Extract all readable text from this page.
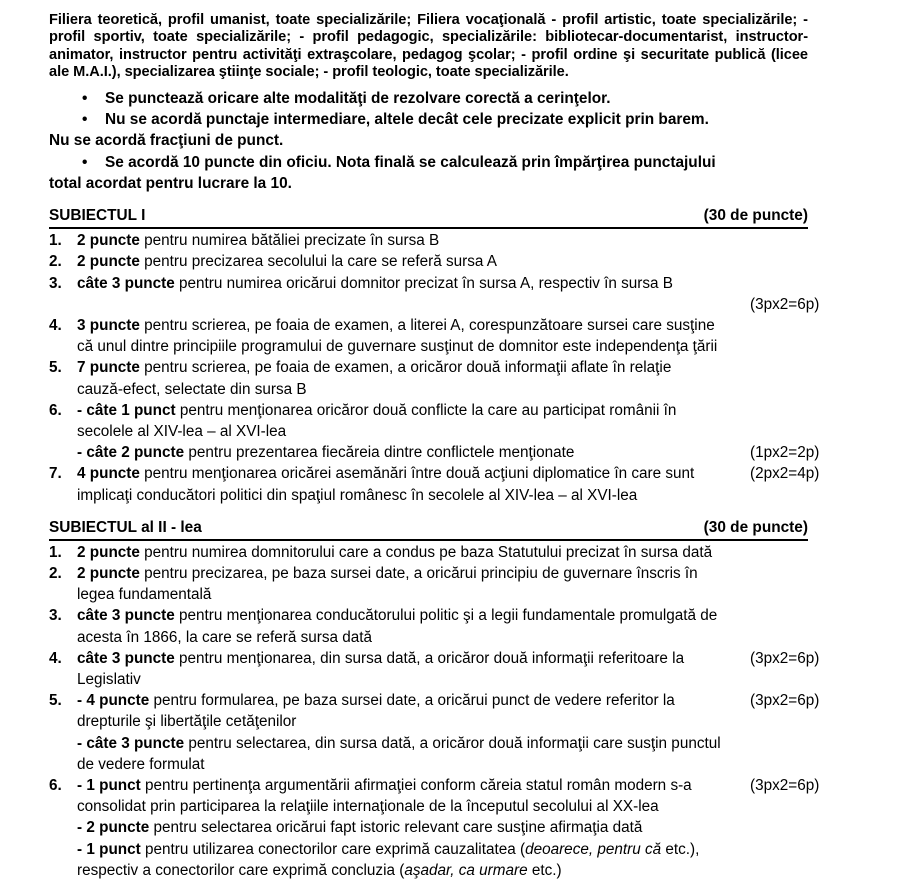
Filiera teoretică, profil umanist, toate specializările; Filiera vocaţională - profil artistic, toate specializările; - profil sportiv, toate specializările; - profil pedagogic, specializările: bibliotecar-documentarist, instructor-animator, instructor pentru activităţi extraşcolare, pedagog şcolar; - profil ordine şi securitate publică (licee ale M.A.I.), specializarea ştiinţe sociale; - profil teologic, toate specializările.

• Se punctează oricare alte modalităţi de rezolvare corectă a cerinţelor.
• Nu se acordă punctaje intermediare, altele decât cele precizate explicit prin barem.
Nu se acordă fracţiuni de punct.
• Se acordă 10 puncte din oficiu. Nota finală se calculează prin împărţirea punctajului
total acordat pentru lucrare la 10.
SUBIECTUL I	(30 de puncte)
1. 2 puncte pentru numirea bătăliei precizate în sursa B
2. 2 puncte pentru precizarea secolului la care se referă sursa A
3. câte 3 puncte pentru numirea oricărui domnitor precizat în sursa A, respectiv în sursa B
(3px2=6p)
4. 3 puncte pentru scrierea, pe foaia de examen, a literei A, corespunzătoare sursei care susţine
că unul dintre principiile programului de guvernare susţinut de domnitor este independenţa ţării
5. 7 puncte pentru scrierea, pe foaia de examen, a oricăror două informaţii aflate în relaţie
cauză-efect, selectate din sursa B
6. - câte 1 punct pentru menţionarea oricăror două conflicte la care au participat românii în
secolele al XIV-lea – al XVI-lea
(1px2=2p)
- câte 2 puncte pentru prezentarea fiecăreia dintre conflictele menţionate
(2px2=4p)
7. 4 puncte pentru menţionarea oricărei asemănări între două acţiuni diplomatice în care sunt
implicaţi conducători politici din spaţiul românesc în secolele al XIV-lea – al XVI-lea
SUBIECTUL al II - lea	(30 de puncte)
1. 2 puncte pentru numirea domnitorului care a condus pe baza Statutului precizat în sursa dată
2. 2 puncte pentru precizarea, pe baza sursei date, a oricărui principiu de guvernare înscris în
legea fundamentală
3. câte 3 puncte pentru menţionarea conducătorului politic şi a legii fundamentale promulgată de
acesta în 1866, la care se referă sursa dată
(3px2=6p)
4. câte 3 puncte pentru menţionarea, din sursa dată, a oricăror două informaţii referitoare la
Legislativ
(3px2=6p)
5. - 4 puncte pentru formularea, pe baza sursei date, a oricărui punct de vedere referitor la
drepturile şi libertăţile cetăţenilor
- câte 3 puncte pentru selectarea, din sursa dată, a oricăror două informaţii care susţin punctul
de vedere formulat
(3px2=6p)
6. - 1 punct pentru pertinenţa argumentării afirmaţiei conform căreia statul român modern s-a
consolidat prin participarea la relaţiile internaţionale de la începutul secolului al XX-lea
- 2 puncte pentru selectarea oricărui fapt istoric relevant care susţine afirmaţia dată
- 1 punct pentru utilizarea conectorilor care exprimă cauzalitatea (deoarece, pentru că etc.),
respectiv a conectorilor care exprimă concluzia (aşadar, ca urmare etc.)
